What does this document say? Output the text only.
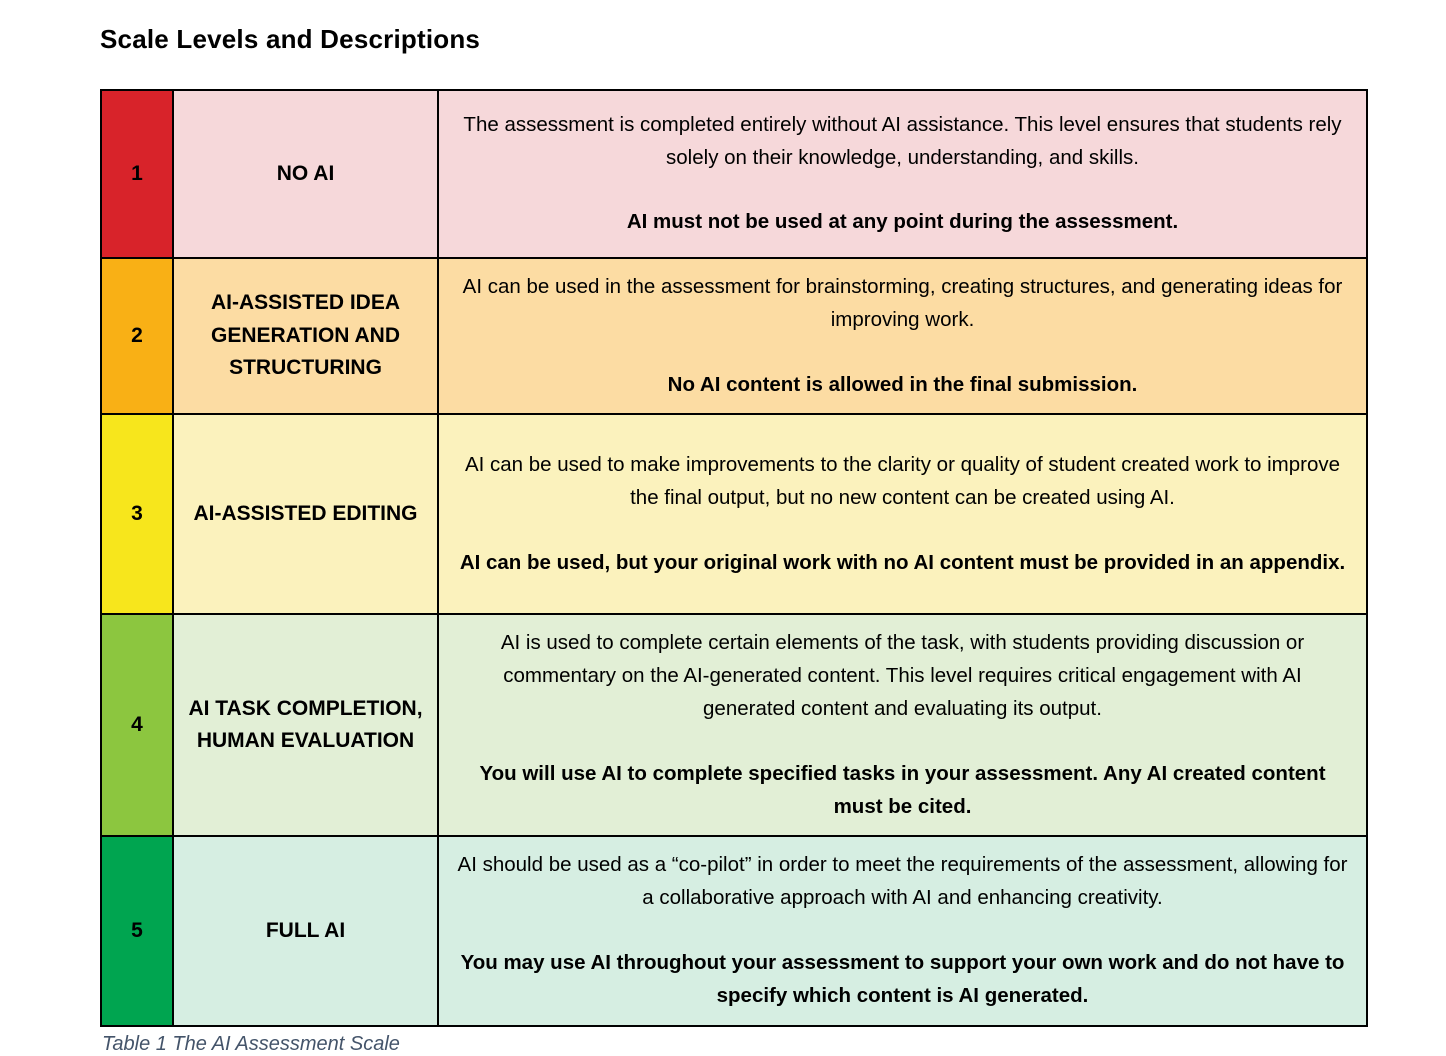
Scale Levels and Descriptions
1	NO AI	The assessment is completed entirely without AI assistance. This level ensures that students rely solely on their knowledge, understanding, and skills.

AI must not be used at any point during the assessment.

2	AI-ASSISTED IDEA GENERATION AND STRUCTURING	AI can be used in the assessment for brainstorming, creating structures, and generating ideas for improving work.

No AI content is allowed in the final submission.

3	AI-ASSISTED EDITING	AI can be used to make improvements to the clarity or quality of student created work to improve the final output, but no new content can be created using AI.

AI can be used, but your original work with no AI content must be provided in an appendix.

4	AI TASK COMPLETION, HUMAN EVALUATION	AI is used to complete certain elements of the task, with students providing discussion or commentary on the AI-generated content. This level requires critical engagement with AI generated content and evaluating its output.

You will use AI to complete specified tasks in your assessment. Any AI created content must be cited.

5	FULL AI	AI should be used as a “co-pilot” in order to meet the requirements of the assessment, allowing for a collaborative approach with AI and enhancing creativity.

You may use AI throughout your assessment to support your own work and do not have to specify which content is AI generated.

Table 1 The AI Assessment Scale
